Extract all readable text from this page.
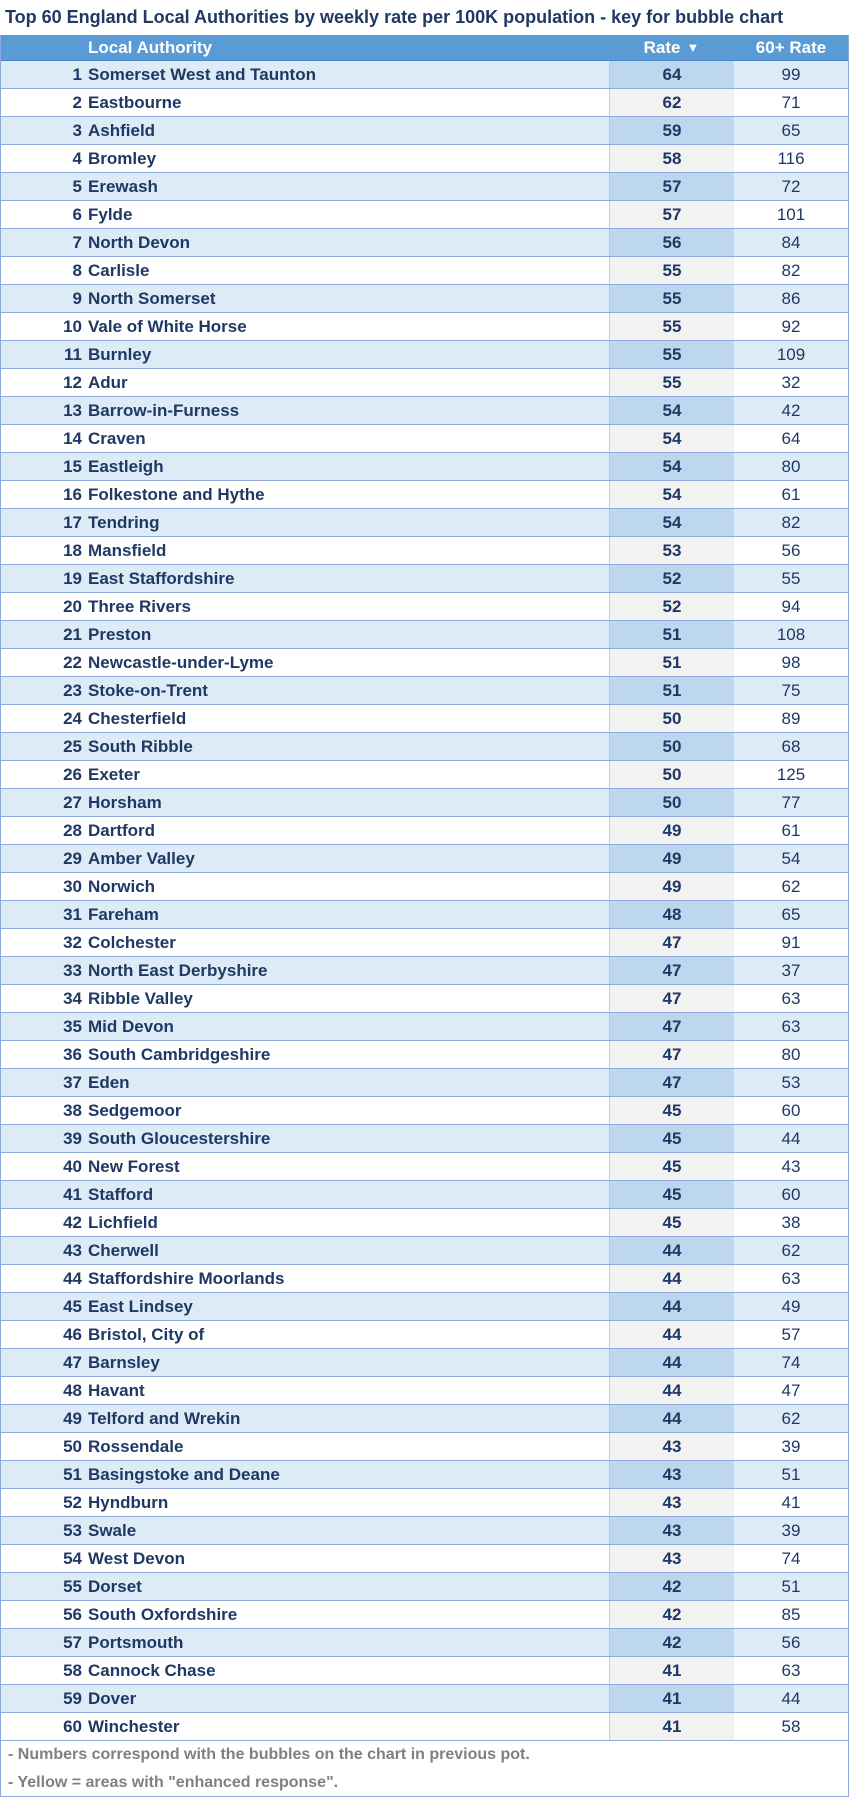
Top 60 England Local Authorities by weekly rate per 100K population - key for bubble chart
Local Authority	Rate ▼	60+ Rate
1 Somerset West and Taunton	64	99
2 Eastbourne	62	71
3 Ashfield	59	65
4 Bromley	58	116
5 Erewash	57	72
6 Fylde	57	101
7 North Devon	56	84
8 Carlisle	55	82
9 North Somerset	55	86
10 Vale of White Horse	55	92
11 Burnley	55	109
12 Adur	55	32
13 Barrow-in-Furness	54	42
14 Craven	54	64
15 Eastleigh	54	80
16 Folkestone and Hythe	54	61
17 Tendring	54	82
18 Mansfield	53	56
19 East Staffordshire	52	55
20 Three Rivers	52	94
21 Preston	51	108
22 Newcastle-under-Lyme	51	98
23 Stoke-on-Trent	51	75
24 Chesterfield	50	89
25 South Ribble	50	68
26 Exeter	50	125
27 Horsham	50	77
28 Dartford	49	61
29 Amber Valley	49	54
30 Norwich	49	62
31 Fareham	48	65
32 Colchester	47	91
33 North East Derbyshire	47	37
34 Ribble Valley	47	63
35 Mid Devon	47	63
36 South Cambridgeshire	47	80
37 Eden	47	53
38 Sedgemoor	45	60
39 South Gloucestershire	45	44
40 New Forest	45	43
41 Stafford	45	60
42 Lichfield	45	38
43 Cherwell	44	62
44 Staffordshire Moorlands	44	63
45 East Lindsey	44	49
46 Bristol, City of	44	57
47 Barnsley	44	74
48 Havant	44	47
49 Telford and Wrekin	44	62
50 Rossendale	43	39
51 Basingstoke and Deane	43	51
52 Hyndburn	43	41
53 Swale	43	39
54 West Devon	43	74
55 Dorset	42	51
56 South Oxfordshire	42	85
57 Portsmouth	42	56
58 Cannock Chase	41	63
59 Dover	41	44
60 Winchester	41	58
- Numbers correspond with the bubbles on the chart in previous pot.
- Yellow = areas with "enhanced response".
